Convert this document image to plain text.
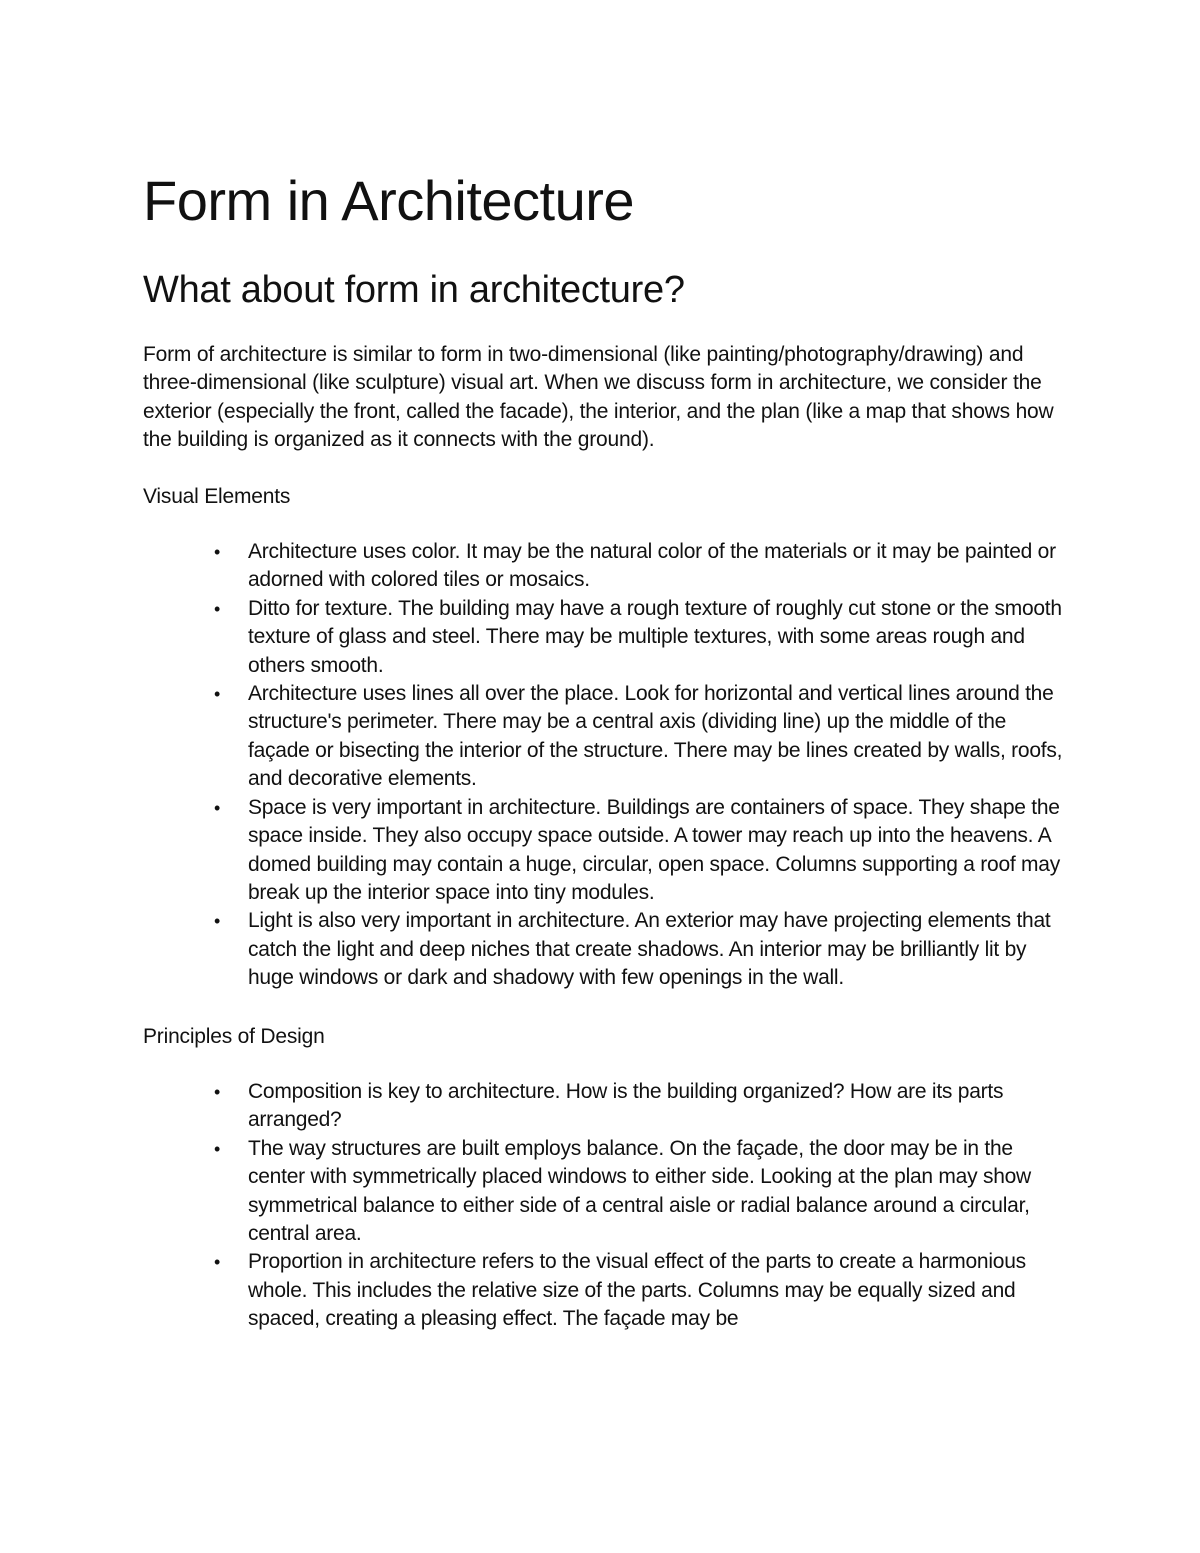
Form in Architecture
What about form in architecture?

Form of architecture is similar to form in two-dimensional (like painting/photography/drawing) and three-dimensional (like sculpture) visual art. When we discuss form in architecture, we consider the exterior (especially the front, called the facade), the interior, and the plan (like a map that shows how the building is organized as it connects with the ground).

Visual Elements
• Architecture uses color. It may be the natural color of the materials or it may be painted or adorned with colored tiles or mosaics.
• Ditto for texture. The building may have a rough texture of roughly cut stone or the smooth texture of glass and steel. There may be multiple textures, with some areas rough and others smooth.
• Architecture uses lines all over the place. Look for horizontal and vertical lines around the structure's perimeter. There may be a central axis (dividing line) up the middle of the façade or bisecting the interior of the structure. There may be lines created by walls, roofs, and decorative elements.
• Space is very important in architecture. Buildings are containers of space. They shape the space inside. They also occupy space outside. A tower may reach up into the heavens. A domed building may contain a huge, circular, open space. Columns supporting a roof may break up the interior space into tiny modules.
• Light is also very important in architecture. An exterior may have projecting elements that catch the light and deep niches that create shadows. An interior may be brilliantly lit by huge windows or dark and shadowy with few openings in the wall.
Principles of Design
• Composition is key to architecture. How is the building organized? How are its parts arranged?
• The way structures are built employs balance. On the façade, the door may be in the center with symmetrically placed windows to either side. Looking at the plan may show symmetrical balance to either side of a central aisle or radial balance around a circular, central area.
• Proportion in architecture refers to the visual effect of the parts to create a harmonious whole. This includes the relative size of the parts. Columns may be equally sized and spaced, creating a pleasing effect. The façade may be
